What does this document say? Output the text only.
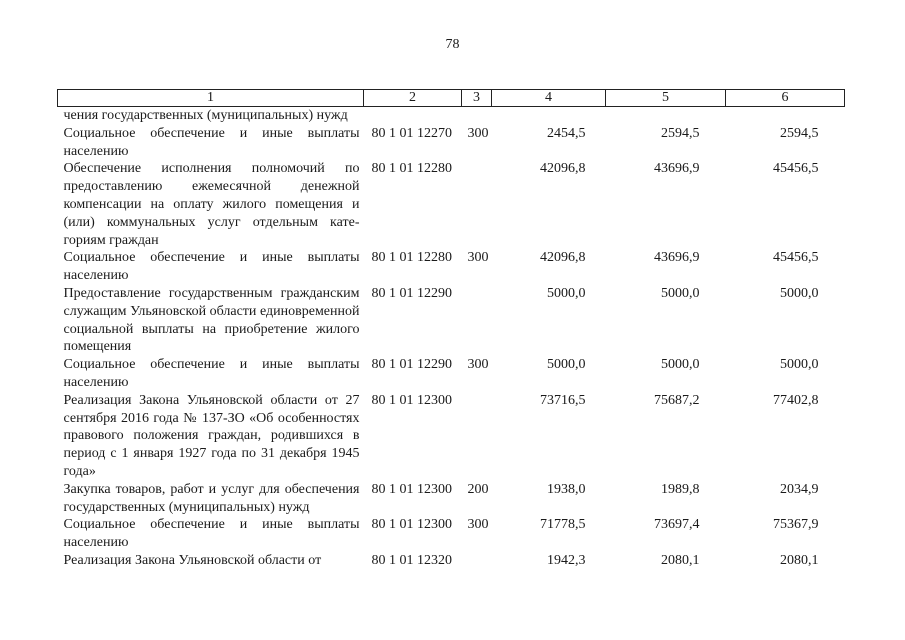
78
1	2	3	4	5	6
чения государственных (муниципальных) нужд					
Социальное обеспечение и иные выплаты населению	80 1 01 12270	300	2454,5	2594,5	2594,5
Обеспечение исполнения полномочий по предоставлению ежемесячной денежной компенсации на оплату жилого помещения и (или) коммунальных услуг отдельным категориям граждан	80 1 01 12280		42096,8	43696,9	45456,5
Социальное обеспечение и иные выплаты населению	80 1 01 12280	300	42096,8	43696,9	45456,5
Предоставление государственным гражданским служащим Ульяновской области единовременной социальной выплаты на приобретение жилого помещения	80 1 01 12290		5000,0	5000,0	5000,0
Социальное обеспечение и иные выплаты населению	80 1 01 12290	300	5000,0	5000,0	5000,0
Реализация Закона Ульяновской области от 27 сентября 2016 года № 137-ЗО «Об особенностях правового положения граждан, родившихся в период с 1 января 1927 года по 31 декабря 1945 года»	80 1 01 12300		73716,5	75687,2	77402,8
Закупка товаров, работ и услуг для обеспечения государственных (муниципальных) нужд	80 1 01 12300	200	1938,0	1989,8	2034,9
Социальное обеспечение и иные выплаты населению	80 1 01 12300	300	71778,5	73697,4	75367,9
Реализация Закона Ульяновской области от	80 1 01 12320		1942,3	2080,1	2080,1
